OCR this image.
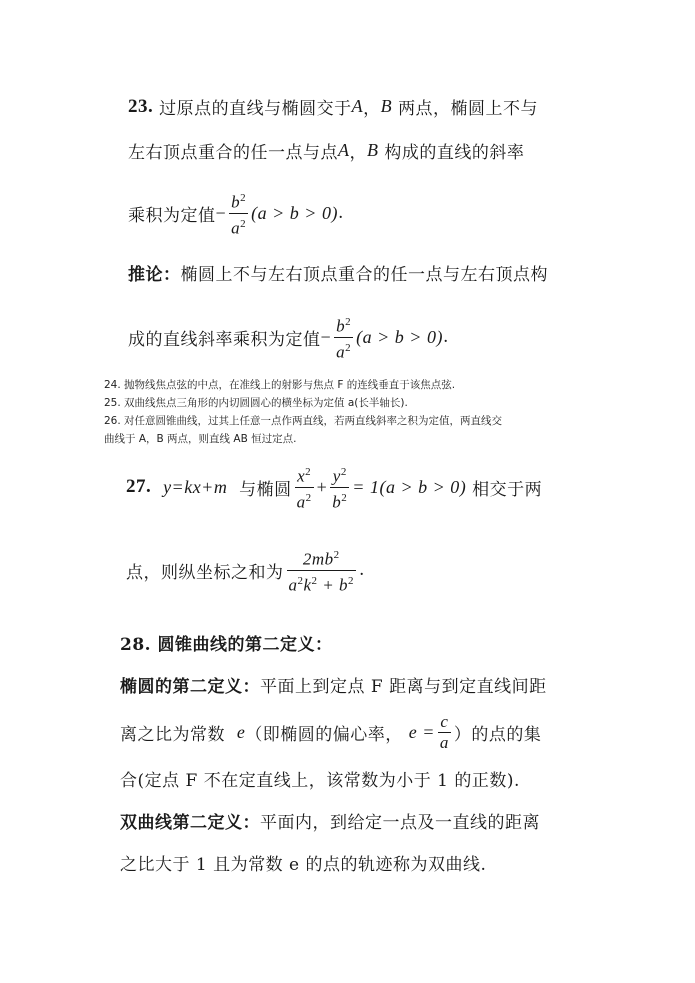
23.
过原点的直线与椭圆交于 A ， B
两点，椭圆上不与
左右顶点重合的任一点与点 A ， B
构成的直线的斜率
乘积为定值 − $\frac{b^2}{a^2} (a > b > 0)$ .
推论： 椭圆上不与左右顶点重合的任一点与左右顶点构
成的直线斜率乘积为定值 − $\frac{b^2}{a^2} (a > b > 0)$ .
24. 抛物线焦点弦的中点，在准线上的射影与焦点 F 的连线垂直于该焦点弦.
25. 双曲线焦点三角形的内切圆圆心的横坐标为定值 a(长半轴长).
26. 对任意圆锥曲线，过其上任意一点作两直线，若两直线斜率之积为定值，两直线交
曲线于 A，B 两点，则直线 AB 恒过定点.
27.
y=kx+m
与椭圆 $\frac{x^2}{a^2} + \frac{y^2}{b^2} = 1(a > b > 0)$
相交于两
点，则纵坐标之和为 $\frac{2mb^2}{a^2k^2 + b^2}$ .
28. 圆锥曲线的第二定义：
椭圆的第二定义： 平面上到定点 F 距离与到定直线间距
离之比为常数
e （即椭圆的偏心率，
$e = \frac{c}{a}$ ）的点的集
合(定点 F 不在定直线上，该常数为小于 1 的正数).
双曲线第二定义： 平面内，到给定一点及一直线的距离
之比大于 1 且为常数 e 的点的轨迹称为双曲线.
